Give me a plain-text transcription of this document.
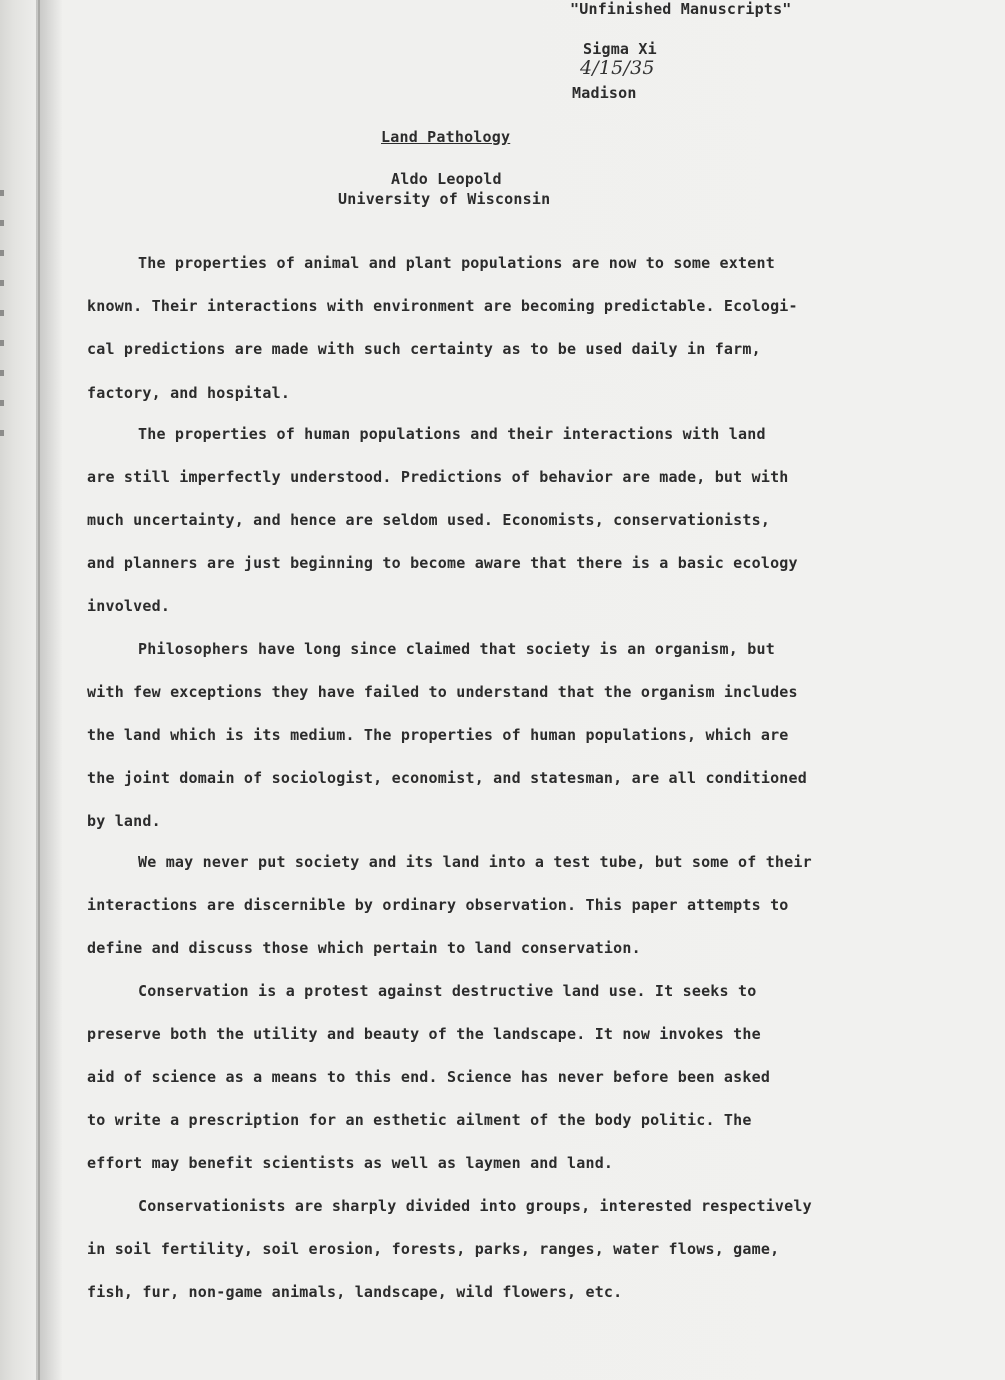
"Unfinished Manuscripts"
Sigma Xi
4/15/35
Madison
Land Pathology
Aldo Leopold
University of Wisconsin
The properties of animal and plant populations are now to some extent
known. Their interactions with environment are becoming predictable. Ecologi-
cal predictions are made with such certainty as to be used daily in farm,
factory, and hospital.
The properties of human populations and their interactions with land
are still imperfectly understood. Predictions of behavior are made, but with
much uncertainty, and hence are seldom used. Economists, conservationists,
and planners are just beginning to become aware that there is a basic ecology
involved.
Philosophers have long since claimed that society is an organism, but
with few exceptions they have failed to understand that the organism includes
the land which is its medium. The properties of human populations, which are
the joint domain of sociologist, economist, and statesman, are all conditioned
by land.
We may never put society and its land into a test tube, but some of their
interactions are discernible by ordinary observation. This paper attempts to
define and discuss those which pertain to land conservation.
Conservation is a protest against destructive land use. It seeks to
preserve both the utility and beauty of the landscape. It now invokes the
aid of science as a means to this end. Science has never before been asked
to write a prescription for an esthetic ailment of the body politic. The
effort may benefit scientists as well as laymen and land.
Conservationists are sharply divided into groups, interested respectively
in soil fertility, soil erosion, forests, parks, ranges, water flows, game,
fish, fur, non-game animals, landscape, wild flowers, etc.
